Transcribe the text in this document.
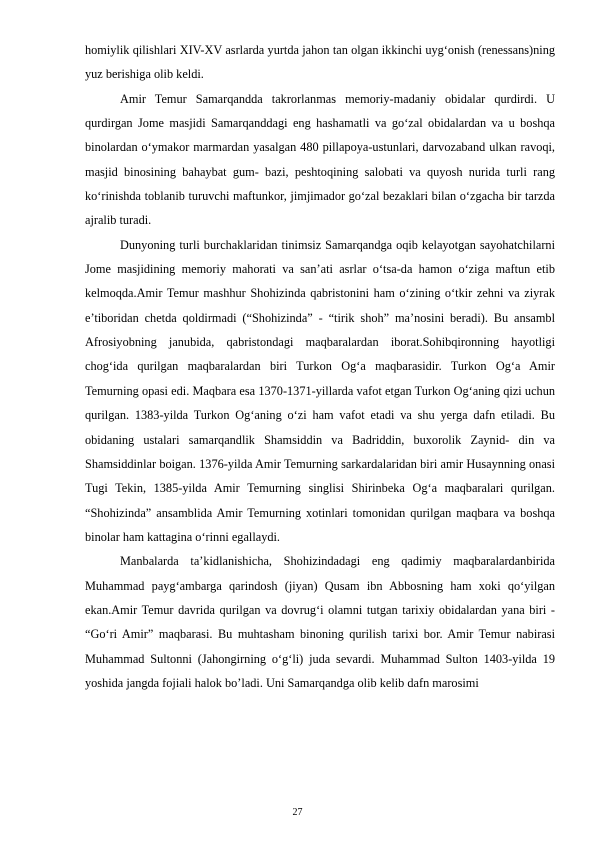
homiylik qilishlari XIV-XV asrlarda yurtda jahon tan olgan ikkinchi uyg‘onish (renessans)ning yuz berishiga olib keldi.

Amir Temur Samarqandda takrorlanmas memoriy-madaniy obidalar qurdirdi. U qurdirgan Jome masjidi Samarqanddagi eng hashamatli va go‘zal obidalardan va u boshqa binolardan o‘ymakor marmardan yasalgan 480 pillapoya-ustunlari, darvozaband ulkan ravoqi, masjid binosining bahaybat gum- bazi, peshtoqining salobati va quyosh nurida turli rang ko‘rinishda toblanib turuvchi maftunkor, jimjimador go‘zal bezaklari bilan o‘zgacha bir tarzda ajralib turadi.

Dunyoning turli burchaklaridan tinimsiz Samarqandga oqib kelayotgan sayohatchilarni Jome masjidining memoriy mahorati va san’ati asrlar o‘tsa-da hamon o‘ziga maftun etib kelmoqda.Amir Temur mashhur Shohizinda qabristonini ham o‘zining o‘tkir zehni va ziyrak e’tiboridan chetda qoldirmadi (“Shohizinda” - “tirik shoh” ma’nosini beradi). Bu ansambl Afrosiyobning janubida, qabristondagi maqbaralardan iborat.Sohibqironning hayotligi chog‘ida qurilgan maqbaralardan biri Turkon Og‘a maqbarasidir. Turkon Og‘a Amir Temurning opasi edi. Maqbara esa 1370-1371-yillarda vafot etgan Turkon Og‘aning qizi uchun qurilgan. 1383-yilda Turkon Og‘aning o‘zi ham vafot etadi va shu yerga dafn etiladi. Bu obidaning ustalari samarqandlik Shamsiddin va Badriddin, buxorolik Zaynid- din va Shamsiddinlar boigan. 1376-yilda Amir Temurning sarkardalaridan biri amir Husaynning onasi Tugi Tekin, 1385-yilda Amir Temurning singlisi Shirinbeka Og‘a maqbaralari qurilgan. “Shohizinda” ansamblida Amir Temurning xotinlari tomonidan qurilgan maqbara va boshqa binolar ham kattagina o‘rinni egallaydi.

Manbalarda ta’kidlanishicha, Shohizindadagi eng qadimiy maqbaralardanbirida Muhammad payg‘ambarga qarindosh (jiyan) Qusam ibn Abbosning ham xoki qo‘yilgan ekan.Amir Temur davrida qurilgan va dovrug‘i olamni tutgan tarixiy obidalardan yana biri - “Go‘ri Amir” maqbarasi. Bu muhtasham binoning qurilish tarixi bor. Amir Temur nabirasi Muhammad Sultonni (Jahongirning o‘g‘li) juda sevardi. Muhammad Sulton 1403-yilda 19 yoshida jangda fojiali halok bo’ladi. Uni Samarqandga olib kelib dafn marosimi

27
